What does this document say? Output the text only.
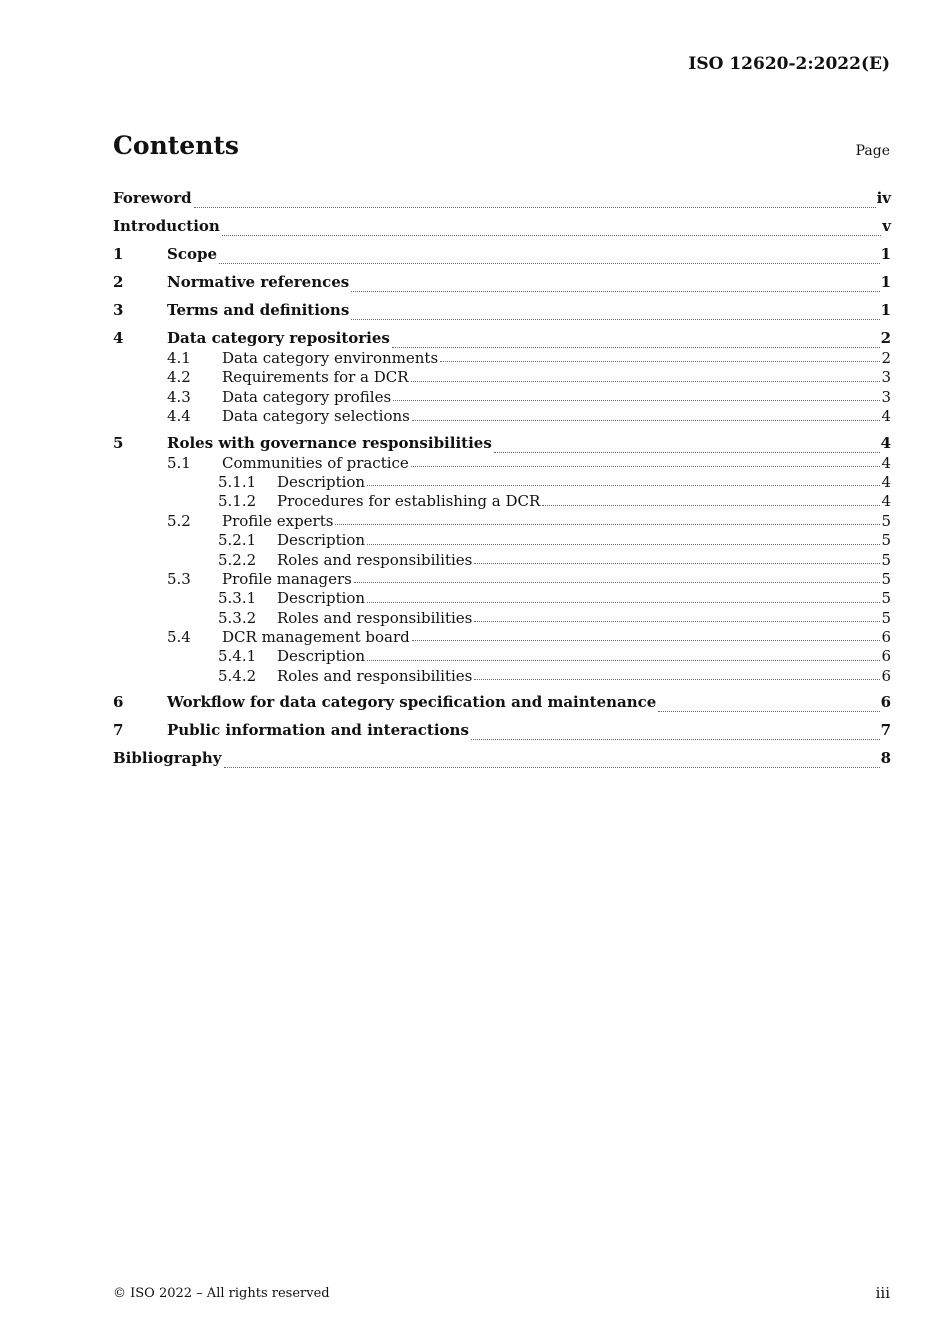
ISO 12620-2:2022(E)
Contents	Page
Foreword	iv
Introduction	v
1	Scope	1
2	Normative references	1
3	Terms and definitions	1
4	Data category repositories	2
4.1	Data category environments	2
4.2	Requirements for a DCR	3
4.3	Data category profiles	3
4.4	Data category selections	4
5	Roles with governance responsibilities	4
5.1	Communities of practice	4
5.1.1	Description	4
5.1.2	Procedures for establishing a DCR	4
5.2	Profile experts	5
5.2.1	Description	5
5.2.2	Roles and responsibilities	5
5.3	Profile managers	5
5.3.1	Description	5
5.3.2	Roles and responsibilities	5
5.4	DCR management board	6
5.4.1	Description	6
5.4.2	Roles and responsibilities	6
6	Workflow for data category specification and maintenance	6
7	Public information and interactions	7
Bibliography	8
© ISO 2022 – All rights reserved	iii
